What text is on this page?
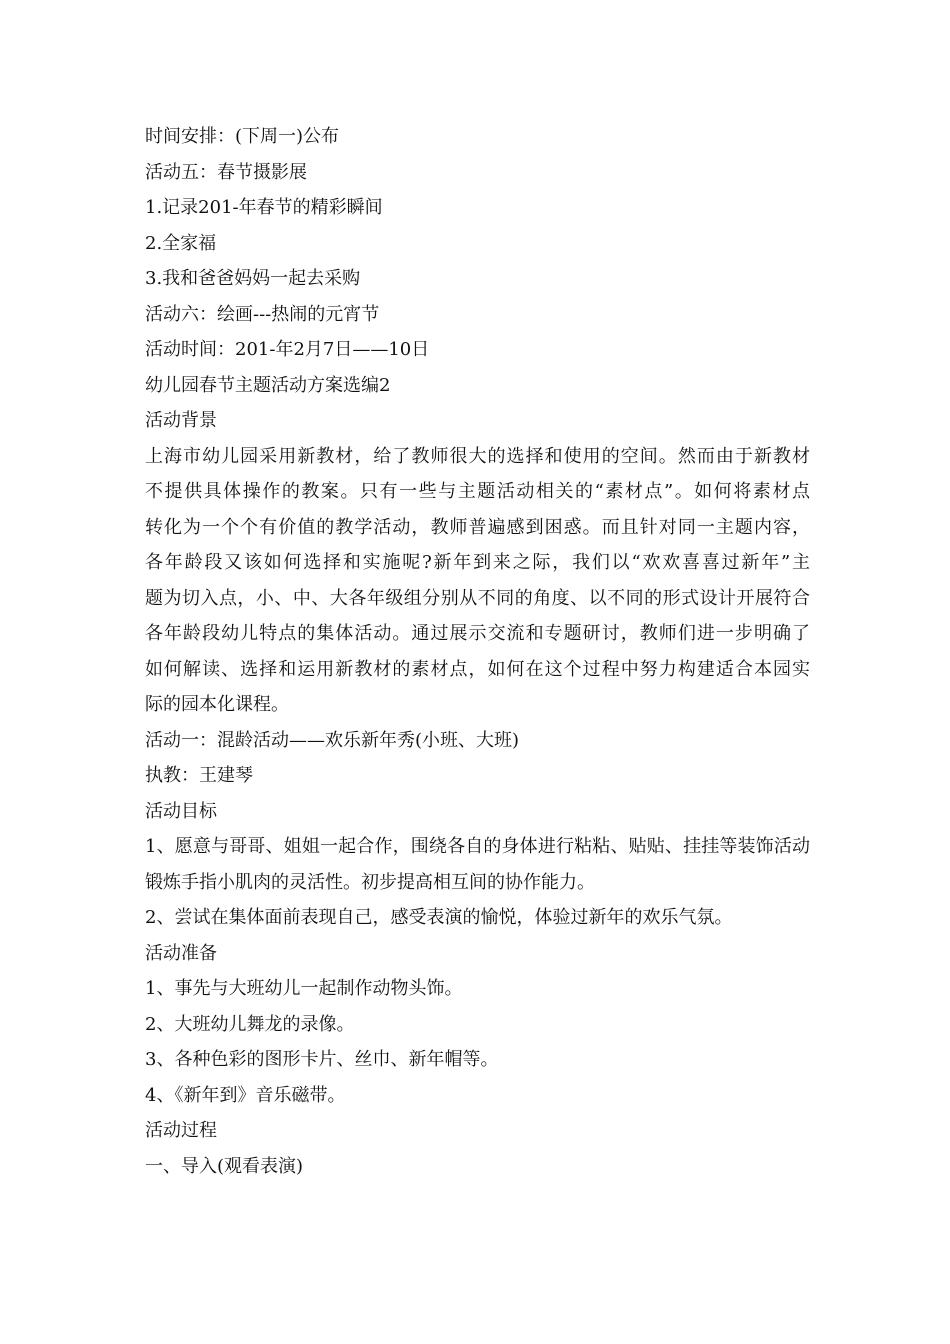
时间安排：(下周一)公布

活动五：春节摄影展

1.记录201-年春节的精彩瞬间

2.全家福

3.我和爸爸妈妈一起去采购

活动六：绘画---热闹的元宵节

活动时间：201-年2月7日——10日

幼儿园春节主题活动方案选编2

活动背景

上海市幼儿园采用新教材，给了教师很大的选择和使用的空间。然而由于新教材

不提供具体操作的教案。只有一些与主题活动相关的“素材点”。如何将素材点

转化为一个个有价值的教学活动，教师普遍感到困惑。而且针对同一主题内容，

各年龄段又该如何选择和实施呢?新年到来之际，我们以“欢欢喜喜过新年”主

题为切入点，小、中、大各年级组分别从不同的角度、以不同的形式设计开展符合

各年龄段幼儿特点的集体活动。通过展示交流和专题研讨，教师们进一步明确了

如何解读、选择和运用新教材的素材点，如何在这个过程中努力构建适合本园实

际的园本化课程。

活动一：混龄活动——欢乐新年秀(小班、大班)

执教：王建琴

活动目标

1、愿意与哥哥、姐姐一起合作，围绕各自的身体进行粘粘、贴贴、挂挂等装饰活动

锻炼手指小肌肉的灵活性。初步提高相互间的协作能力。

2、尝试在集体面前表现自己，感受表演的愉悦，体验过新年的欢乐气氛。

活动准备

1、事先与大班幼儿一起制作动物头饰。

2、大班幼儿舞龙的录像。

3、各种色彩的图形卡片、丝巾、新年帽等。

4、《新年到》音乐磁带。

活动过程

一、导入(观看表演)
